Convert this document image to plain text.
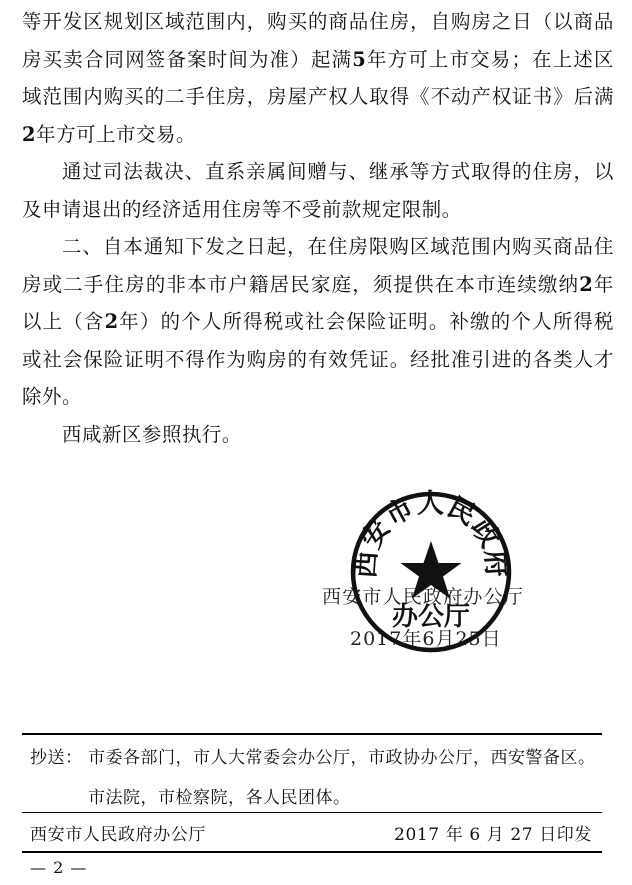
等开发区规划区域范围内，购买的商品住房，自购房之日（以商品房买卖合同网签备案时间为准）起满5年方可上市交易；在上述区域范围内购买的二手住房，房屋产权人取得《不动产权证书》后满2年方可上市交易。

通过司法裁决、直系亲属间赠与、继承等方式取得的住房，以及申请退出的经济适用住房等不受前款规定限制。

二、自本通知下发之日起，在住房限购区域范围内购买商品住房或二手住房的非本市户籍居民家庭，须提供在本市连续缴纳2年以上（含2年）的个人所得税或社会保险证明。补缴的个人所得税或社会保险证明不得作为购房的有效凭证。经批准引进的各类人才除外。

西咸新区参照执行。

西安市人民政府办公厅
2017年6月25日
西安市人民政府
办公厅
抄送： 市委各部门，市人大常委会办公厅，市政协办公厅，西安警备区。
市法院，市检察院，各人民团体。
西安市人民政府办公厅	2017 年 6 月 27 日印发
— 2 —
